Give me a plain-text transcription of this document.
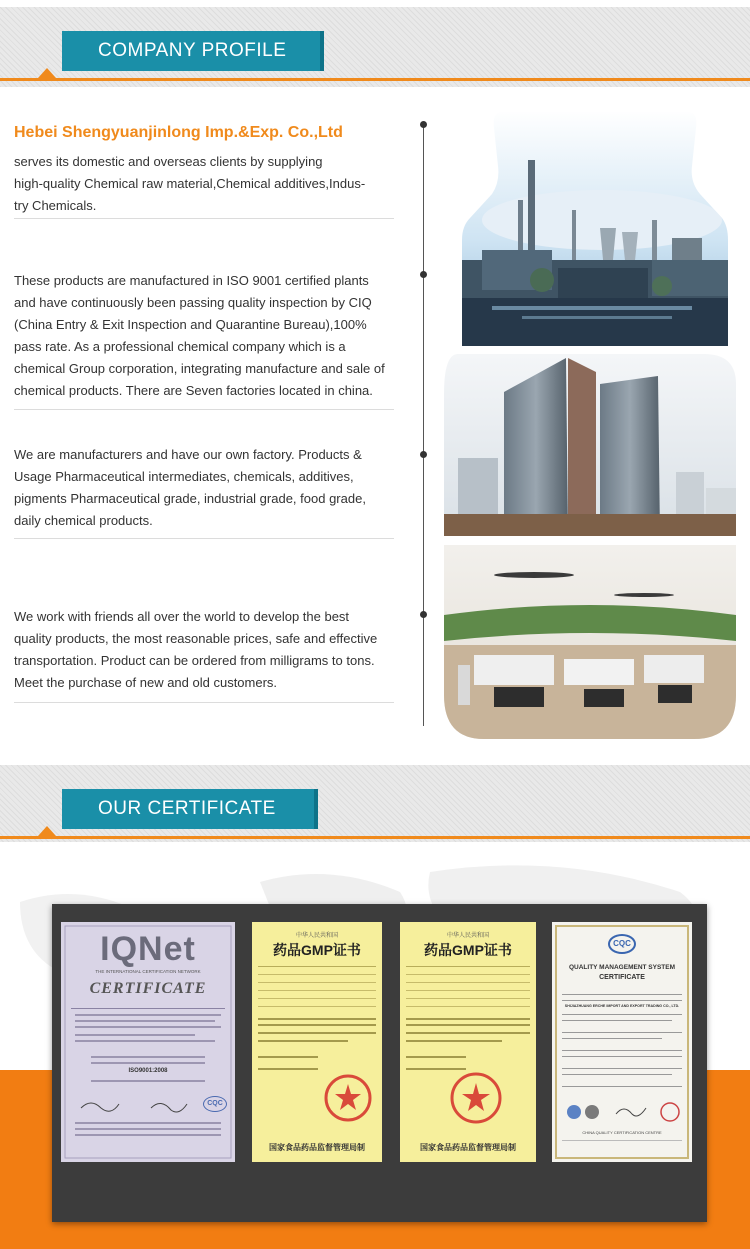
COMPANY PROFILE
Hebei Shengyuanjinlong Imp.&Exp. Co.,Ltd
serves its domestic and overseas clients by supplying
high-quality Chemical raw material,Chemical additives,Indus-
try Chemicals.
These products are manufactured in ISO 9001 certified plants
and have continuously been passing quality inspection by CIQ
(China Entry & Exit Inspection and Quarantine Bureau),100%
pass rate. As a professional chemical company which is a
chemical Group corporation, integrating manufacture and sale of
chemical products. There are Seven factories located in china.
We are manufacturers and have our own factory. Products &
Usage Pharmaceutical intermediates, chemicals, additives,
pigments Pharmaceutical grade, industrial grade, food grade,
daily chemical products.
We work with friends all over the world to develop the best
quality products, the most reasonable prices, safe and effective
transportation. Product can be ordered from milligrams to tons.
Meet the purchase of new and old customers.
OUR CERTIFICATE
IQNet
THE INTERNATIONAL CERTIFICATION NETWORK
CERTIFICATE
ISO9001:2008
CQC
中华人民共和国
药品GMP证书
国家食品药品监督管理局制
中华人民共和国
药品GMP证书
国家食品药品监督管理局制
CQC
QUALITY MANAGEMENT SYSTEM
CERTIFICATE
SHIJIAZHUANG ERCHE IMPORT AND EXPORT TRADING CO., LTD.
CHINA QUALITY CERTIFICATION CENTRE
